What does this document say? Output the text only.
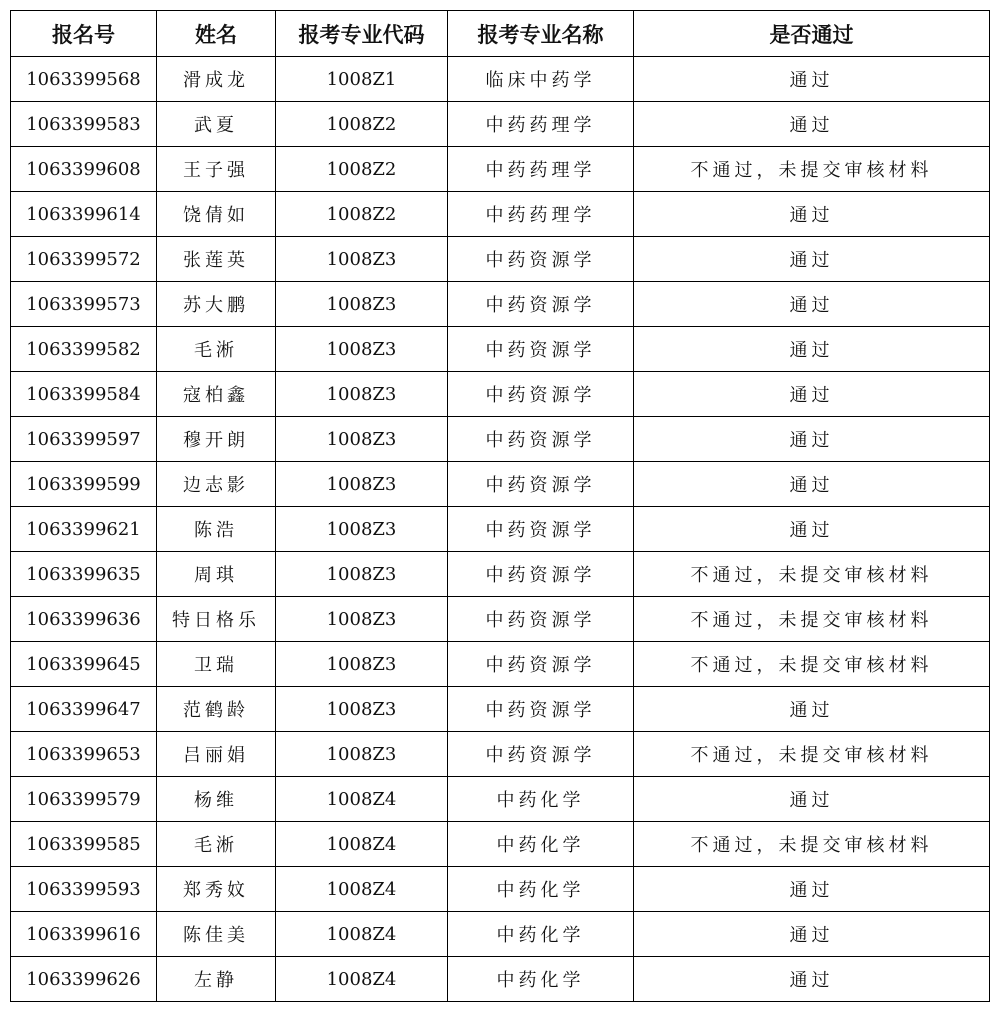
报名号	姓名	报考专业代码	报考专业名称	是否通过
1063399568	滑成龙	1008Z1	临床中药学	通过
1063399583	武夏	1008Z2	中药药理学	通过
1063399608	王子强	1008Z2	中药药理学	不通过，未提交审核材料
1063399614	饶倩如	1008Z2	中药药理学	通过
1063399572	张莲英	1008Z3	中药资源学	通过
1063399573	苏大鹏	1008Z3	中药资源学	通过
1063399582	毛淅	1008Z3	中药资源学	通过
1063399584	寇柏鑫	1008Z3	中药资源学	通过
1063399597	穆开朗	1008Z3	中药资源学	通过
1063399599	边志影	1008Z3	中药资源学	通过
1063399621	陈浩	1008Z3	中药资源学	通过
1063399635	周琪	1008Z3	中药资源学	不通过，未提交审核材料
1063399636	特日格乐	1008Z3	中药资源学	不通过，未提交审核材料
1063399645	卫瑞	1008Z3	中药资源学	不通过，未提交审核材料
1063399647	范鹤龄	1008Z3	中药资源学	通过
1063399653	吕丽娟	1008Z3	中药资源学	不通过，未提交审核材料
1063399579	杨维	1008Z4	中药化学	通过
1063399585	毛淅	1008Z4	中药化学	不通过，未提交审核材料
1063399593	郑秀妏	1008Z4	中药化学	通过
1063399616	陈佳美	1008Z4	中药化学	通过
1063399626	左静	1008Z4	中药化学	通过
